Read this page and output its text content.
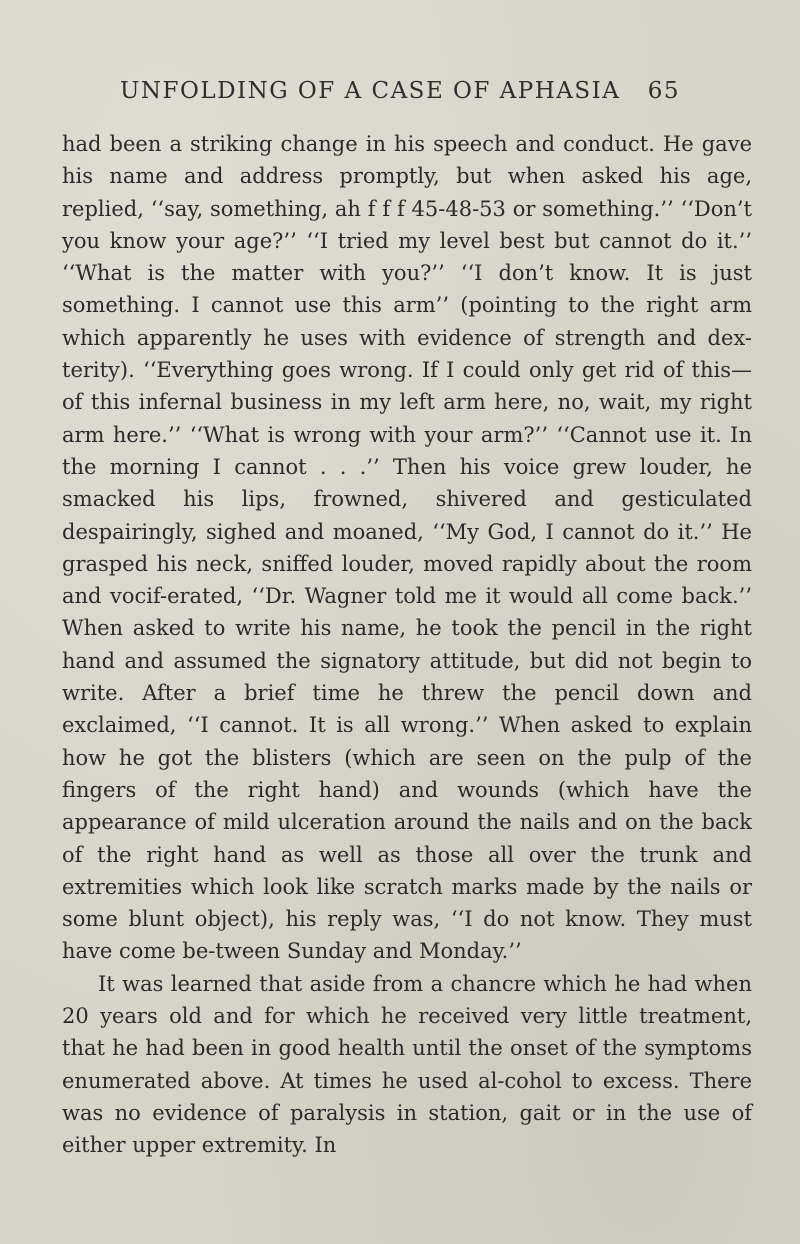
UNFOLDING OF A CASE OF APHASIA 65

had been a striking change in his speech and conduct. He gave his name and address promptly, but when asked his age, replied, ‘‘say, something, ah f f f 45-48-53 or something.’’ ‘‘Don’t you know your age?’’ ‘‘I tried my level best but cannot do it.’’ ‘‘What is the matter with you?’’ ‘‘I don’t know. It is just something. I cannot use this arm’’ (pointing to the right arm which apparently he uses with evidence of strength and dex-terity). ‘‘Everything goes wrong. If I could only get rid of this—of this infernal business in my left arm here, no, wait, my right arm here.’’ ‘‘What is wrong with your arm?’’ ‘‘Cannot use it. In the morning I cannot . . .’’ Then his voice grew louder, he smacked his lips, frowned, shivered and gesticulated despairingly, sighed and moaned, ‘‘My God, I cannot do it.’’ He grasped his neck, sniffed louder, moved rapidly about the room and vocif-erated, ‘‘Dr. Wagner told me it would all come back.’’ When asked to write his name, he took the pencil in the right hand and assumed the signatory attitude, but did not begin to write. After a brief time he threw the pencil down and exclaimed, ‘‘I cannot. It is all wrong.’’ When asked to explain how he got the blisters (which are seen on the pulp of the fingers of the right hand) and wounds (which have the appearance of mild ulceration around the nails and on the back of the right hand as well as those all over the trunk and extremities which look like scratch marks made by the nails or some blunt object), his reply was, ‘‘I do not know. They must have come be-tween Sunday and Monday.’’

It was learned that aside from a chancre which he had when 20 years old and for which he received very little treatment, that he had been in good health until the onset of the symptoms enumerated above. At times he used al-cohol to excess. There was no evidence of paralysis in station, gait or in the use of either upper extremity. In
